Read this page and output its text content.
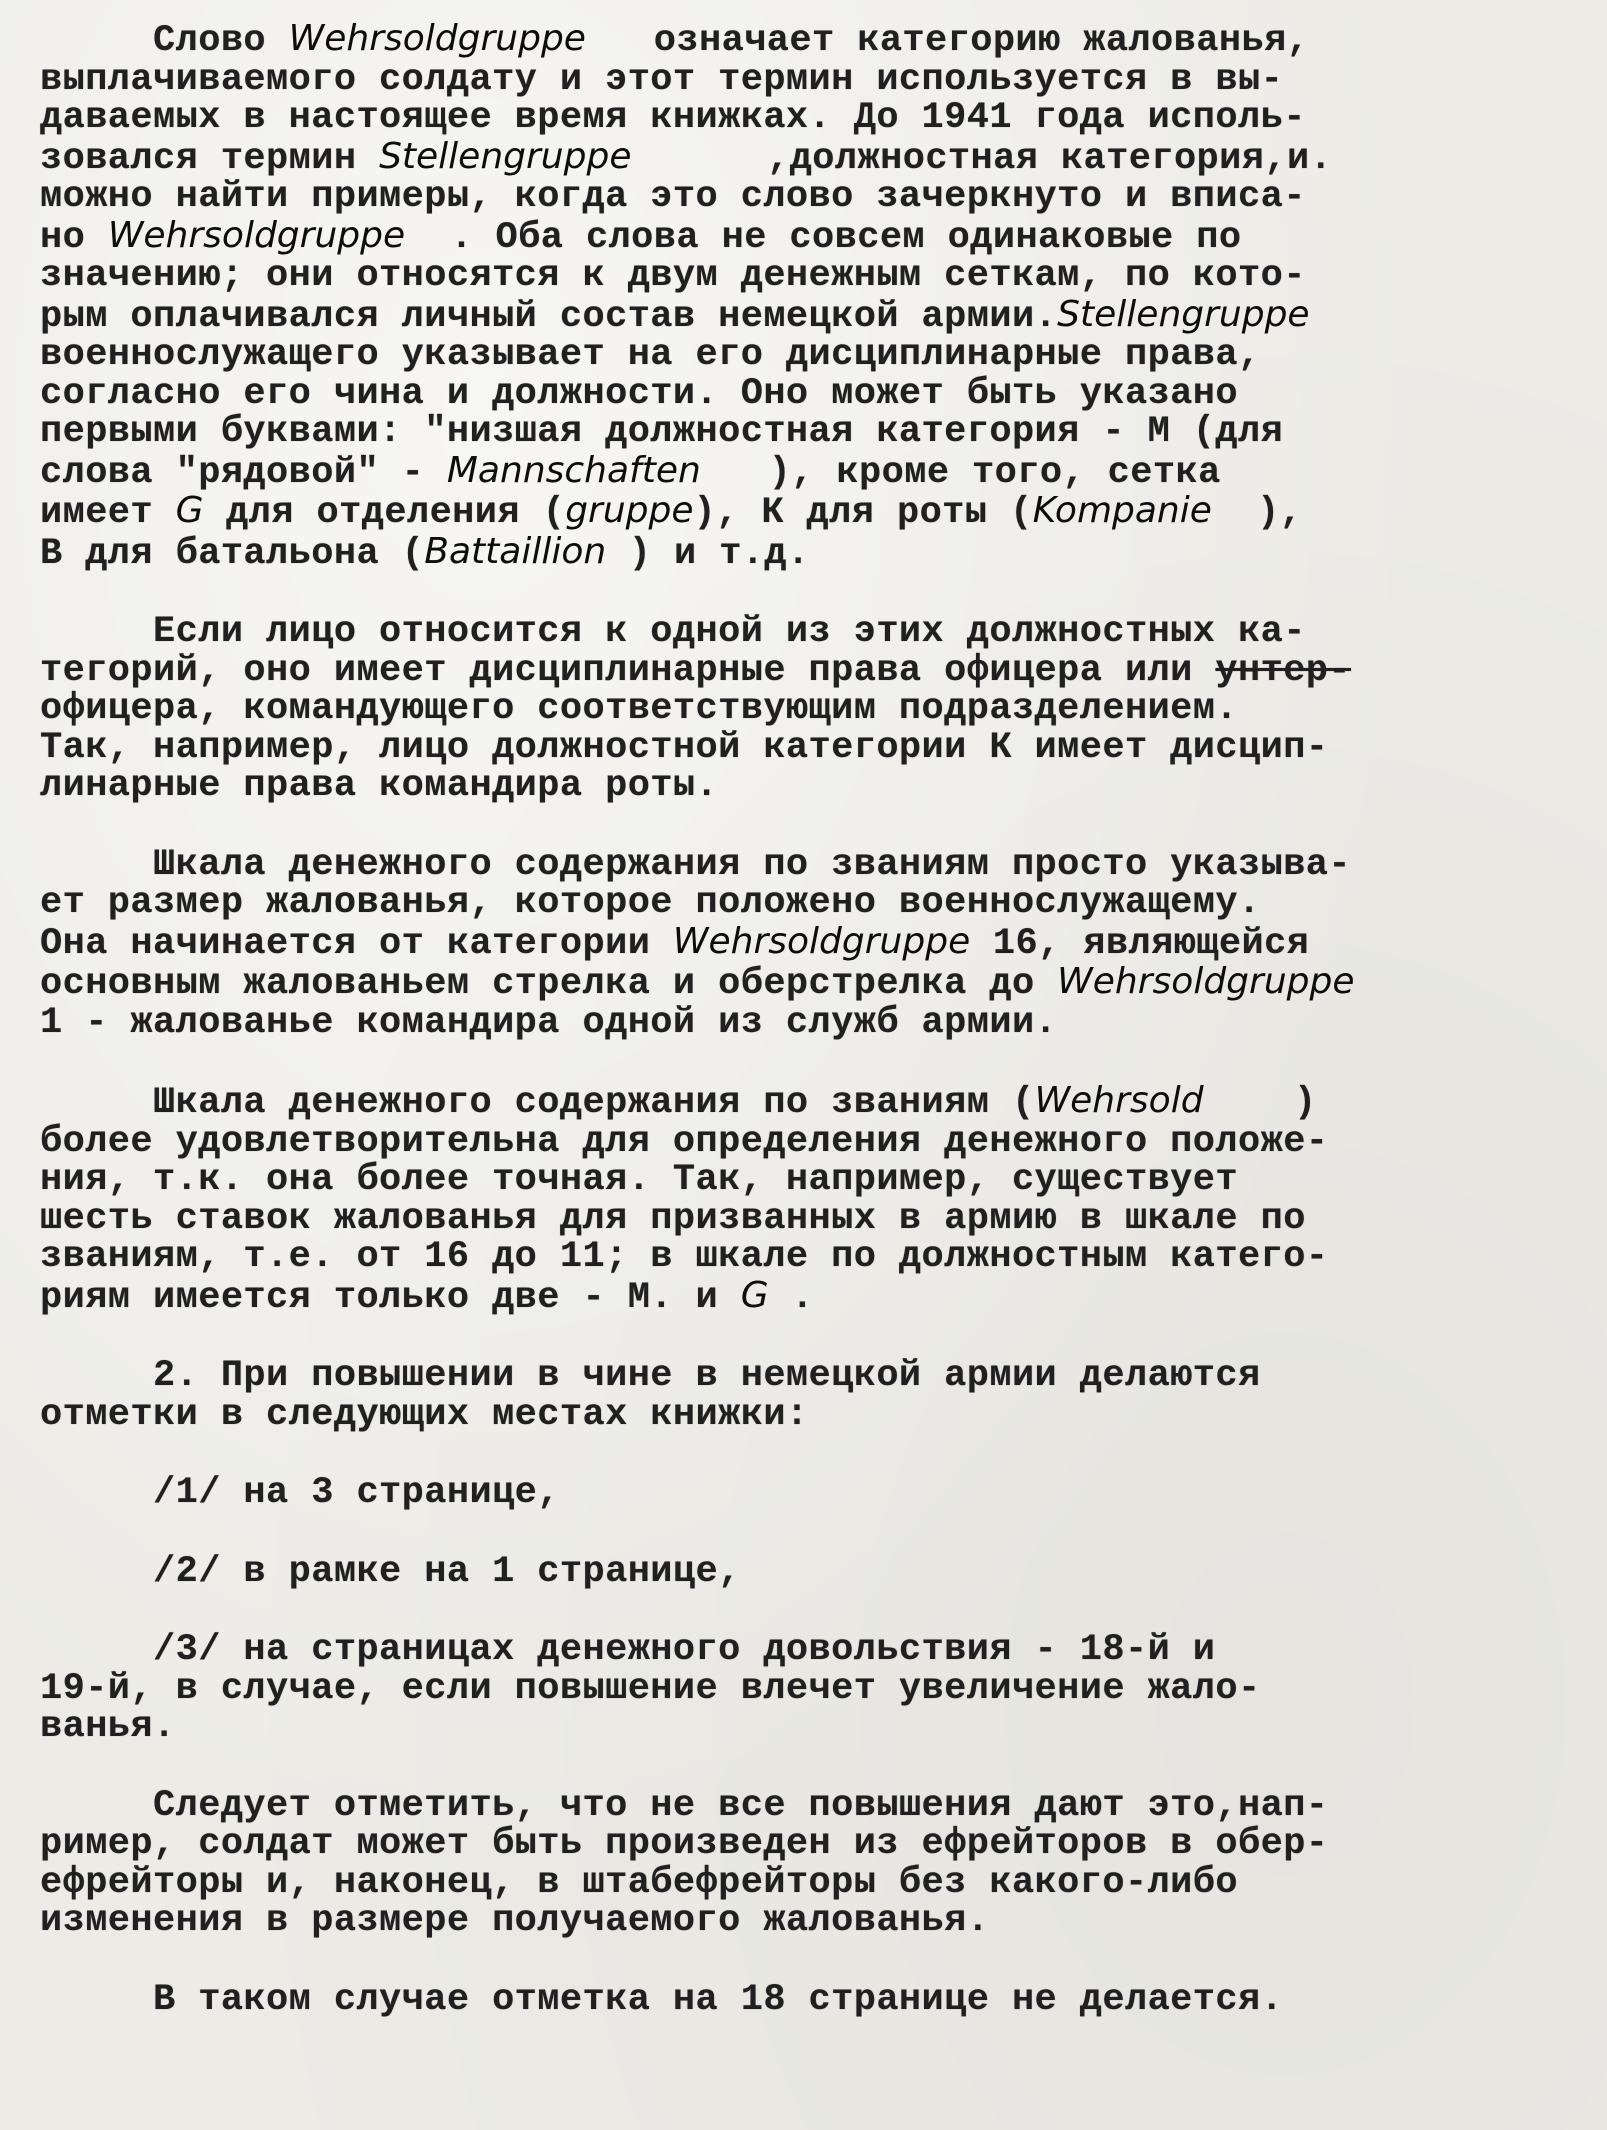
Слово Wehrsoldgruppe   означает категорию жалованья,
выплачиваемого солдату и этот термин используется в вы-
даваемых в настоящее время книжках. До 1941 года исполь-
зовался термин Stellengruppe      ,должностная категория,и.
можно найти примеры, когда это слово зачеркнуто и вписа-
но Wehrsoldgruppe  . Оба слова не совсем одинаковые по
значению; они относятся к двум денежным сеткам, по кото-
рым оплачивался личный состав немецкой армии.Stellengruppe
военнослужащего указывает на его дисциплинарные права,
согласно его чина и должности. Оно может быть указано
первыми буквами: "низшая должностная категория - М (для
слова "рядовой" - Mannschaften   ), кроме того, сетка
имеет G для отделения (gruppe), К для роты (Kompanie  ),
В для батальона (Battaillion ) и т.д.
Если лицо относится к одной из этих должностных ка-
тегорий, оно имеет дисциплинарные права офицера или унтер-
офицера, командующего соответствующим подразделением.
Так, например, лицо должностной категории К имеет дисцип-
линарные права командира роты.
Шкала денежного содержания по званиям просто указыва-
ет размер жалованья, которое положено военнослужащему.
Она начинается от категории Wehrsoldgruppe 16, являющейся
основным жалованьем стрелка и оберстрелка до Wehrsoldgruppe
1 - жалованье командира одной из служб армии.
Шкала денежного содержания по званиям (Wehrsold    )
более удовлетворительна для определения денежного положе-
ния, т.к. она более точная. Так, например, существует
шесть ставок жалованья для призванных в армию в шкале по
званиям, т.е. от 16 до 11; в шкале по должностным катего-
риям имеется только две - М. и G .
2. При повышении в чине в немецкой армии делаются
отметки в следующих местах книжки:
/1/ на 3 странице,
/2/ в рамке на 1 странице,
/3/ на страницах денежного довольствия - 18-й и
19-й, в случае, если повышение влечет увеличение жало-
ванья.
Следует отметить, что не все повышения дают это,нап-
ример, солдат может быть произведен из ефрейторов в обер-
ефрейторы и, наконец, в штабефрейторы без какого-либо
изменения в размере получаемого жалованья.
В таком случае отметка на 18 странице не делается.
